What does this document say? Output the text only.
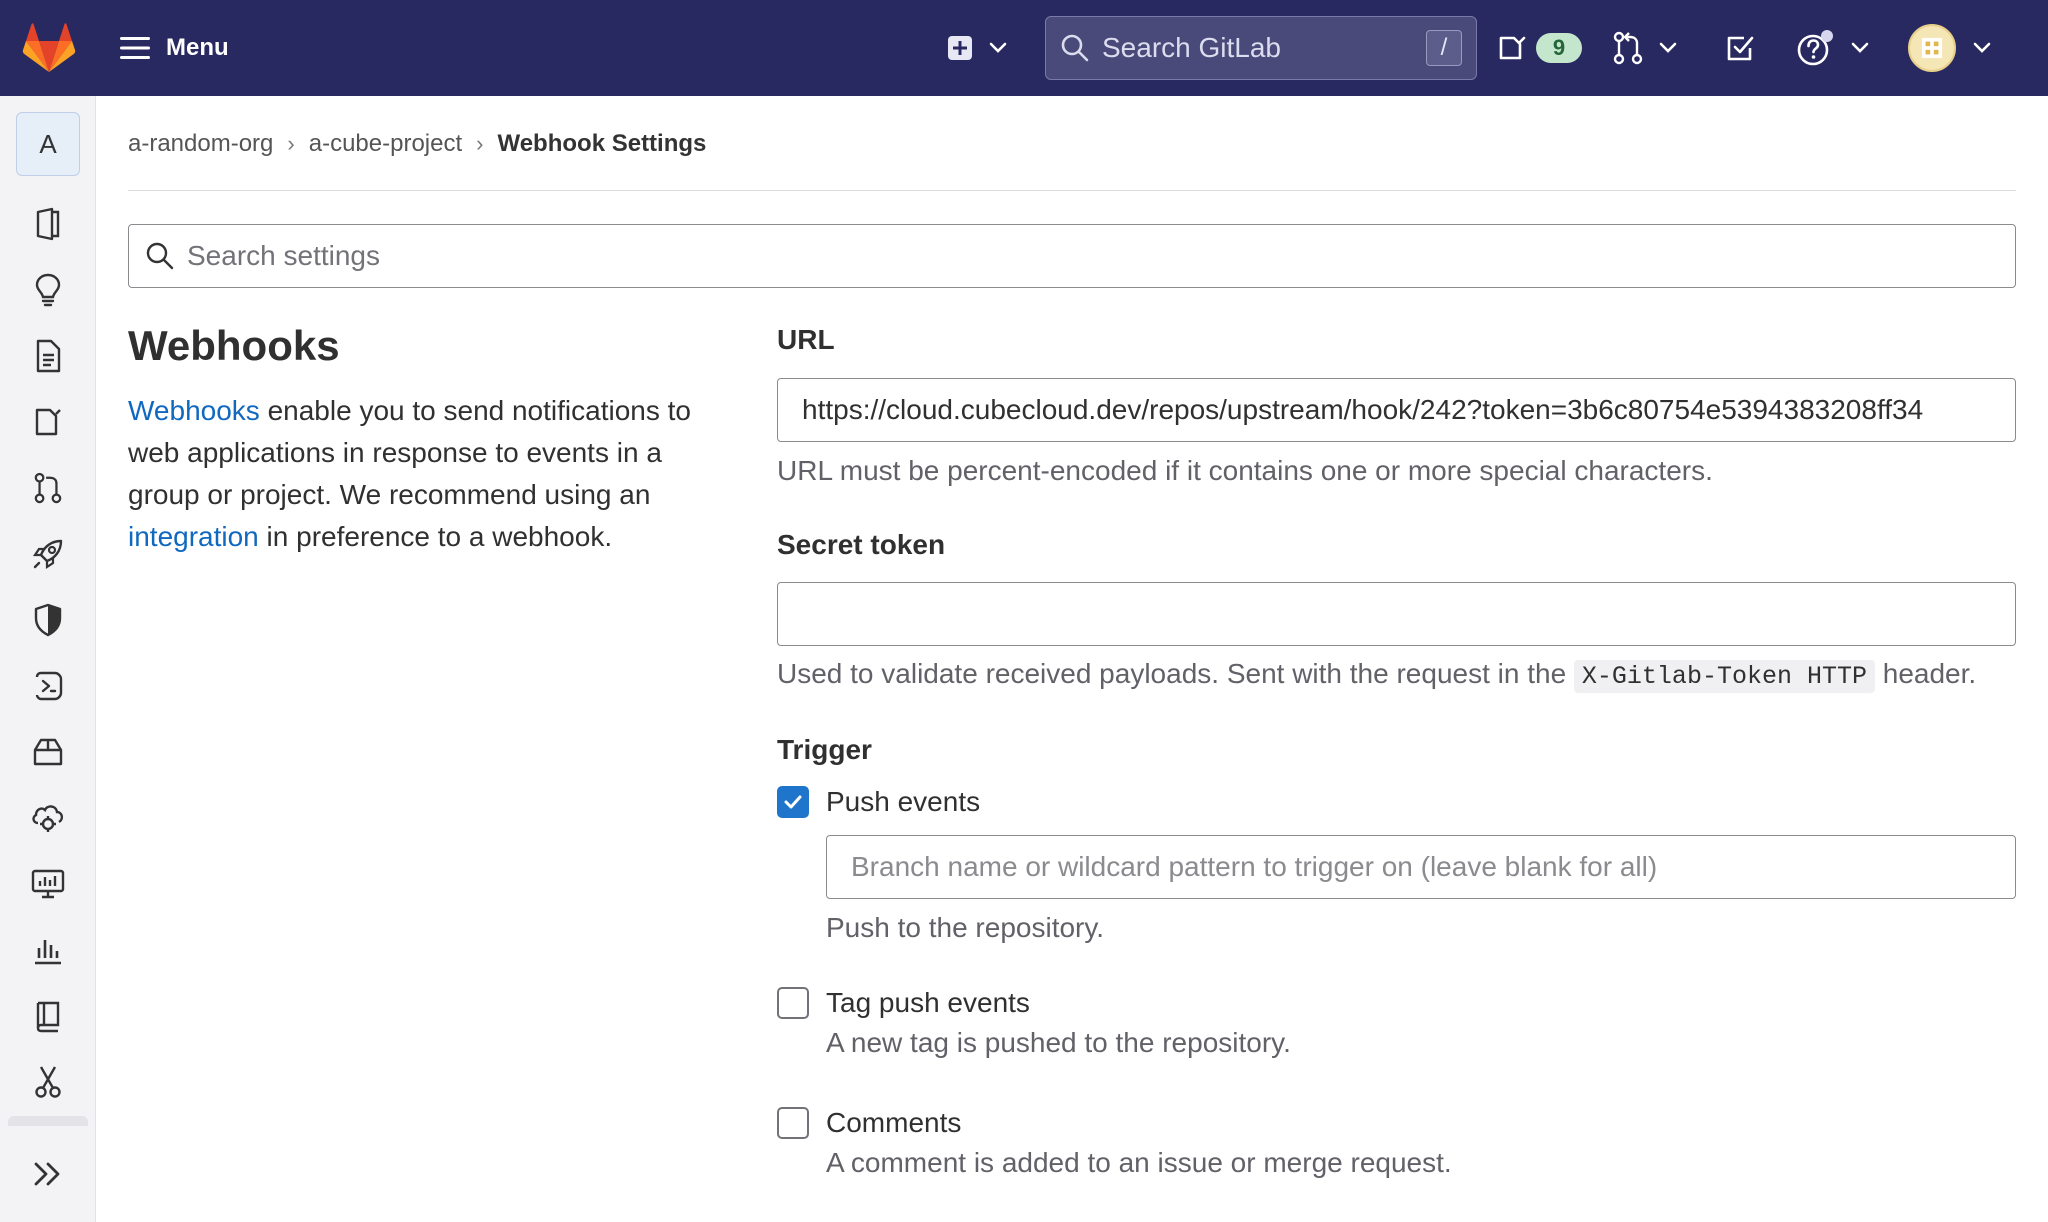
Menu	Search GitLab	/	9
A	a-random-org › a-cube-project › Webhook Settings
Search settings
Webhooks

Webhooks enable you to send notifications to web applications in response to events in a group or project. We recommend using an integration in preference to a webhook.

URL
https://cloud.cubecloud.dev/repos/upstream/hook/242?token=3b6c80754e5394383208ff34
URL must be percent-encoded if it contains one or more special characters.
Secret token
Used to validate received payloads. Sent with the request in the X-Gitlab-Token HTTP header.
Trigger
Push events
Branch name or wildcard pattern to trigger on (leave blank for all)
Push to the repository.
Tag push events
A new tag is pushed to the repository.
Comments
A comment is added to an issue or merge request.
